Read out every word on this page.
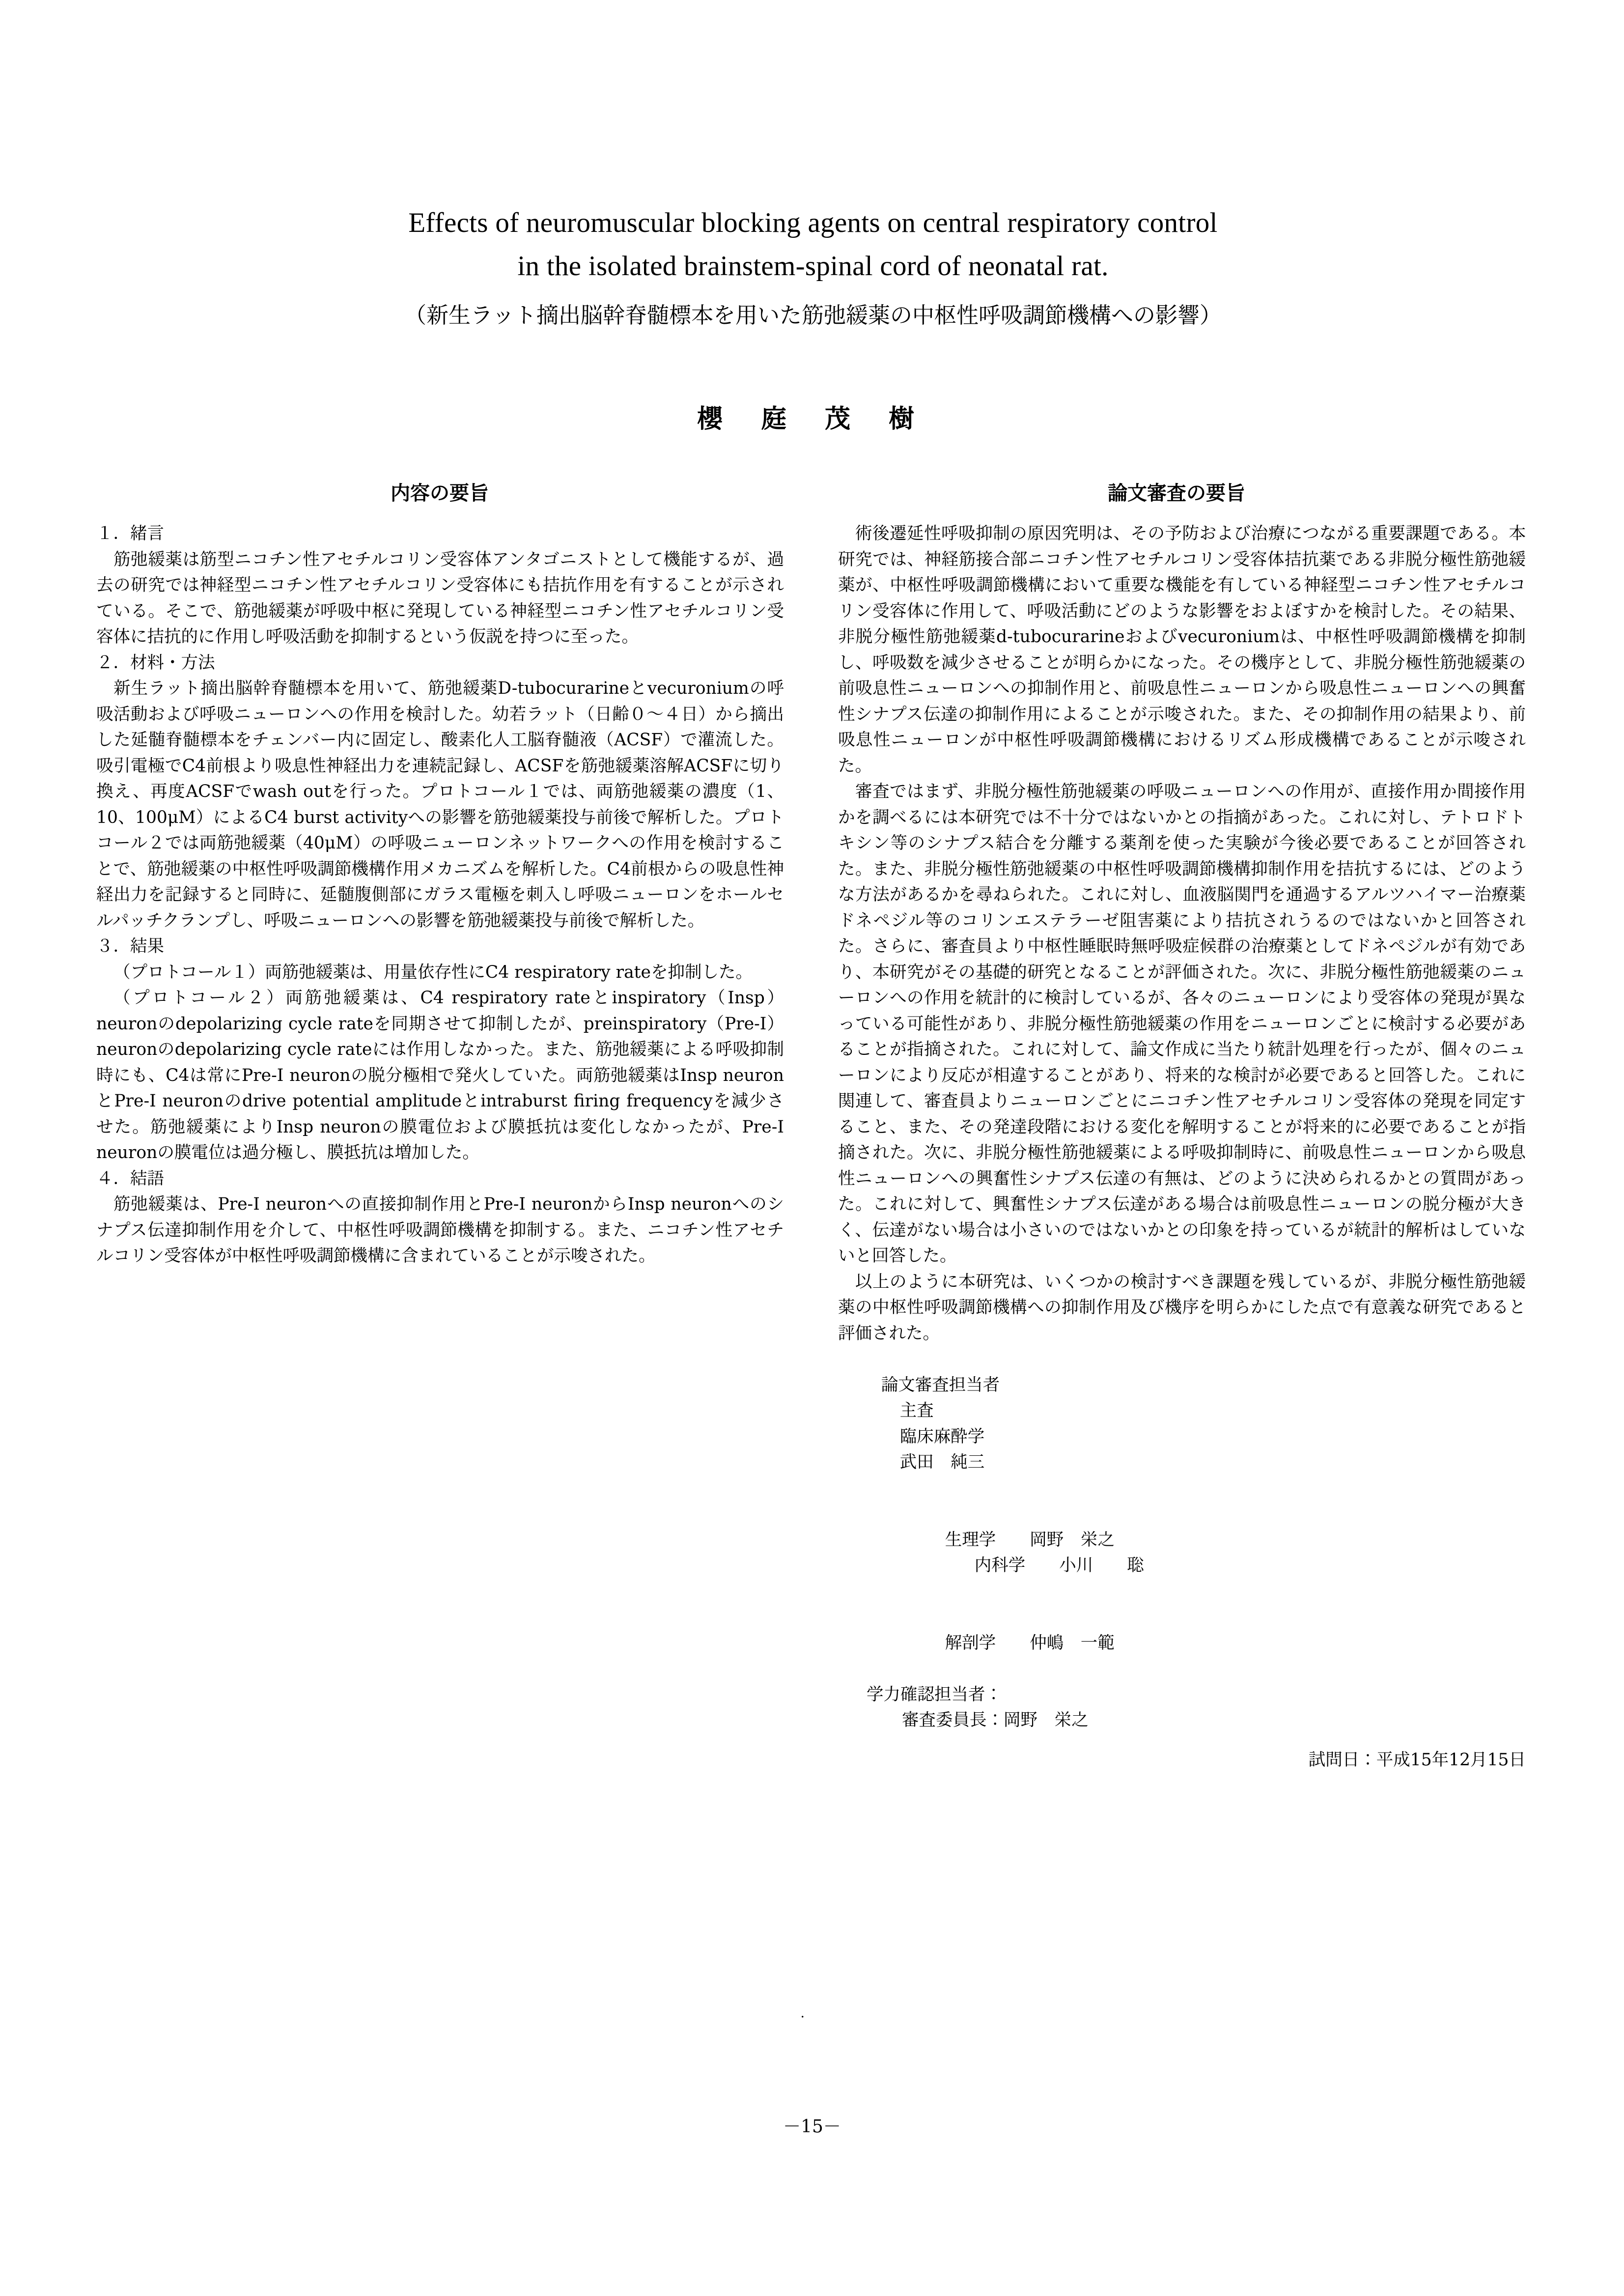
Effects of neuromuscular blocking agents on central respiratory control
in the isolated brainstem-spinal cord of neonatal rat.
（新生ラット摘出脳幹脊髄標本を用いた筋弛緩薬の中枢性呼吸調節機構への影響）
櫻 庭 茂 樹
内容の要旨	論文審査の要旨

１．緒言

筋弛緩薬は筋型ニコチン性アセチルコリン受容体アンタゴニストとして機能するが、過去の研究では神経型ニコチン性アセチルコリン受容体にも拮抗作用を有することが示されている。そこで、筋弛緩薬が呼吸中枢に発現している神経型ニコチン性アセチルコリン受容体に拮抗的に作用し呼吸活動を抑制するという仮説を持つに至った。

２．材料・方法

新生ラット摘出脳幹脊髄標本を用いて、筋弛緩薬D-tubocurarineとvecuroniumの呼吸活動および呼吸ニューロンへの作用を検討した。幼若ラット（日齢０～４日）から摘出した延髄脊髄標本をチェンバー内に固定し、酸素化人工脳脊髄液（ACSF）で灌流した。吸引電極でC4前根より吸息性神経出力を連続記録し、ACSFを筋弛緩薬溶解ACSFに切り換え、再度ACSFでwash outを行った。プロトコール１では、両筋弛緩薬の濃度（1、10、100μM）によるC4 burst activityへの影響を筋弛緩薬投与前後で解析した。プロトコール２では両筋弛緩薬（40μM）の呼吸ニューロンネットワークへの作用を検討することで、筋弛緩薬の中枢性呼吸調節機構作用メカニズムを解析した。C4前根からの吸息性神経出力を記録すると同時に、延髄腹側部にガラス電極を刺入し呼吸ニューロンをホールセルパッチクランプし、呼吸ニューロンへの影響を筋弛緩薬投与前後で解析した。

３．結果

（プロトコール１）両筋弛緩薬は、用量依存性にC4 respiratory rateを抑制した。

（プロトコール２）両筋弛緩薬は、C4 respiratory rateとinspiratory（Insp）neuronのdepolarizing cycle rateを同期させて抑制したが、preinspiratory（Pre-I）neuronのdepolarizing cycle rateには作用しなかった。また、筋弛緩薬による呼吸抑制時にも、C4は常にPre-I neuronの脱分極相で発火していた。両筋弛緩薬はInsp neuronとPre-I neuronのdrive potential amplitudeとintraburst firing frequencyを減少させた。筋弛緩薬によりInsp neuronの膜電位および膜抵抗は変化しなかったが、Pre-I neuronの膜電位は過分極し、膜抵抗は増加した。

４．結語

筋弛緩薬は、Pre-I neuronへの直接抑制作用とPre-I neuronからInsp neuronへのシナプス伝達抑制作用を介して、中枢性呼吸調節機構を抑制する。また、ニコチン性アセチルコリン受容体が中枢性呼吸調節機構に含まれていることが示唆された。

術後遷延性呼吸抑制の原因究明は、その予防および治療につながる重要課題である。本研究では、神経筋接合部ニコチン性アセチルコリン受容体拮抗薬である非脱分極性筋弛緩薬が、中枢性呼吸調節機構において重要な機能を有している神経型ニコチン性アセチルコリン受容体に作用して、呼吸活動にどのような影響をおよぼすかを検討した。その結果、非脱分極性筋弛緩薬d-tubocurarineおよびvecuroniumは、中枢性呼吸調節機構を抑制し、呼吸数を減少させることが明らかになった。その機序として、非脱分極性筋弛緩薬の前吸息性ニューロンへの抑制作用と、前吸息性ニューロンから吸息性ニューロンへの興奮性シナプス伝達の抑制作用によることが示唆された。また、その抑制作用の結果より、前吸息性ニューロンが中枢性呼吸調節機構におけるリズム形成機構であることが示唆された。

審査ではまず、非脱分極性筋弛緩薬の呼吸ニューロンへの作用が、直接作用か間接作用かを調べるには本研究では不十分ではないかとの指摘があった。これに対し、テトロドトキシン等のシナプス結合を分離する薬剤を使った実験が今後必要であることが回答された。また、非脱分極性筋弛緩薬の中枢性呼吸調節機構抑制作用を拮抗するには、どのような方法があるかを尋ねられた。これに対し、血液脳関門を通過するアルツハイマー治療薬ドネペジル等のコリンエステラーゼ阻害薬により拮抗されうるのではないかと回答された。さらに、審査員より中枢性睡眠時無呼吸症候群の治療薬としてドネペジルが有効であり、本研究がその基礎的研究となることが評価された。次に、非脱分極性筋弛緩薬のニューロンへの作用を統計的に検討しているが、各々のニューロンにより受容体の発現が異なっている可能性があり、非脱分極性筋弛緩薬の作用をニューロンごとに検討する必要があることが指摘された。これに対して、論文作成に当たり統計処理を行ったが、個々のニューロンにより反応が相違することがあり、将来的な検討が必要であると回答した。これに関連して、審査員よりニューロンごとにニコチン性アセチルコリン受容体の発現を同定すること、また、その発達段階における変化を解明することが将来的に必要であることが指摘された。次に、非脱分極性筋弛緩薬による呼吸抑制時に、前吸息性ニューロンから吸息性ニューロンへの興奮性シナプス伝達の有無は、どのように決められるかとの質問があった。これに対して、興奮性シナプス伝達がある場合は前吸息性ニューロンの脱分極が大きく、伝達がない場合は小さいのではないかとの印象を持っているが統計的解析はしていないと回答した。

以上のように本研究は、いくつかの検討すべき課題を残しているが、非脱分極性筋弛緩薬の中枢性呼吸調節機構への抑制作用及び機序を明らかにした点で有意義な研究であると評価された。

論文審査担当者
主査
臨床麻酔学
武田　純三

生理学　　岡野　栄之
内科学　　小川　　聡

解剖学　　仲嶋　一範

学力確認担当者：
審査委員長：岡野　栄之
試問日：平成15年12月15日
.
－15－
